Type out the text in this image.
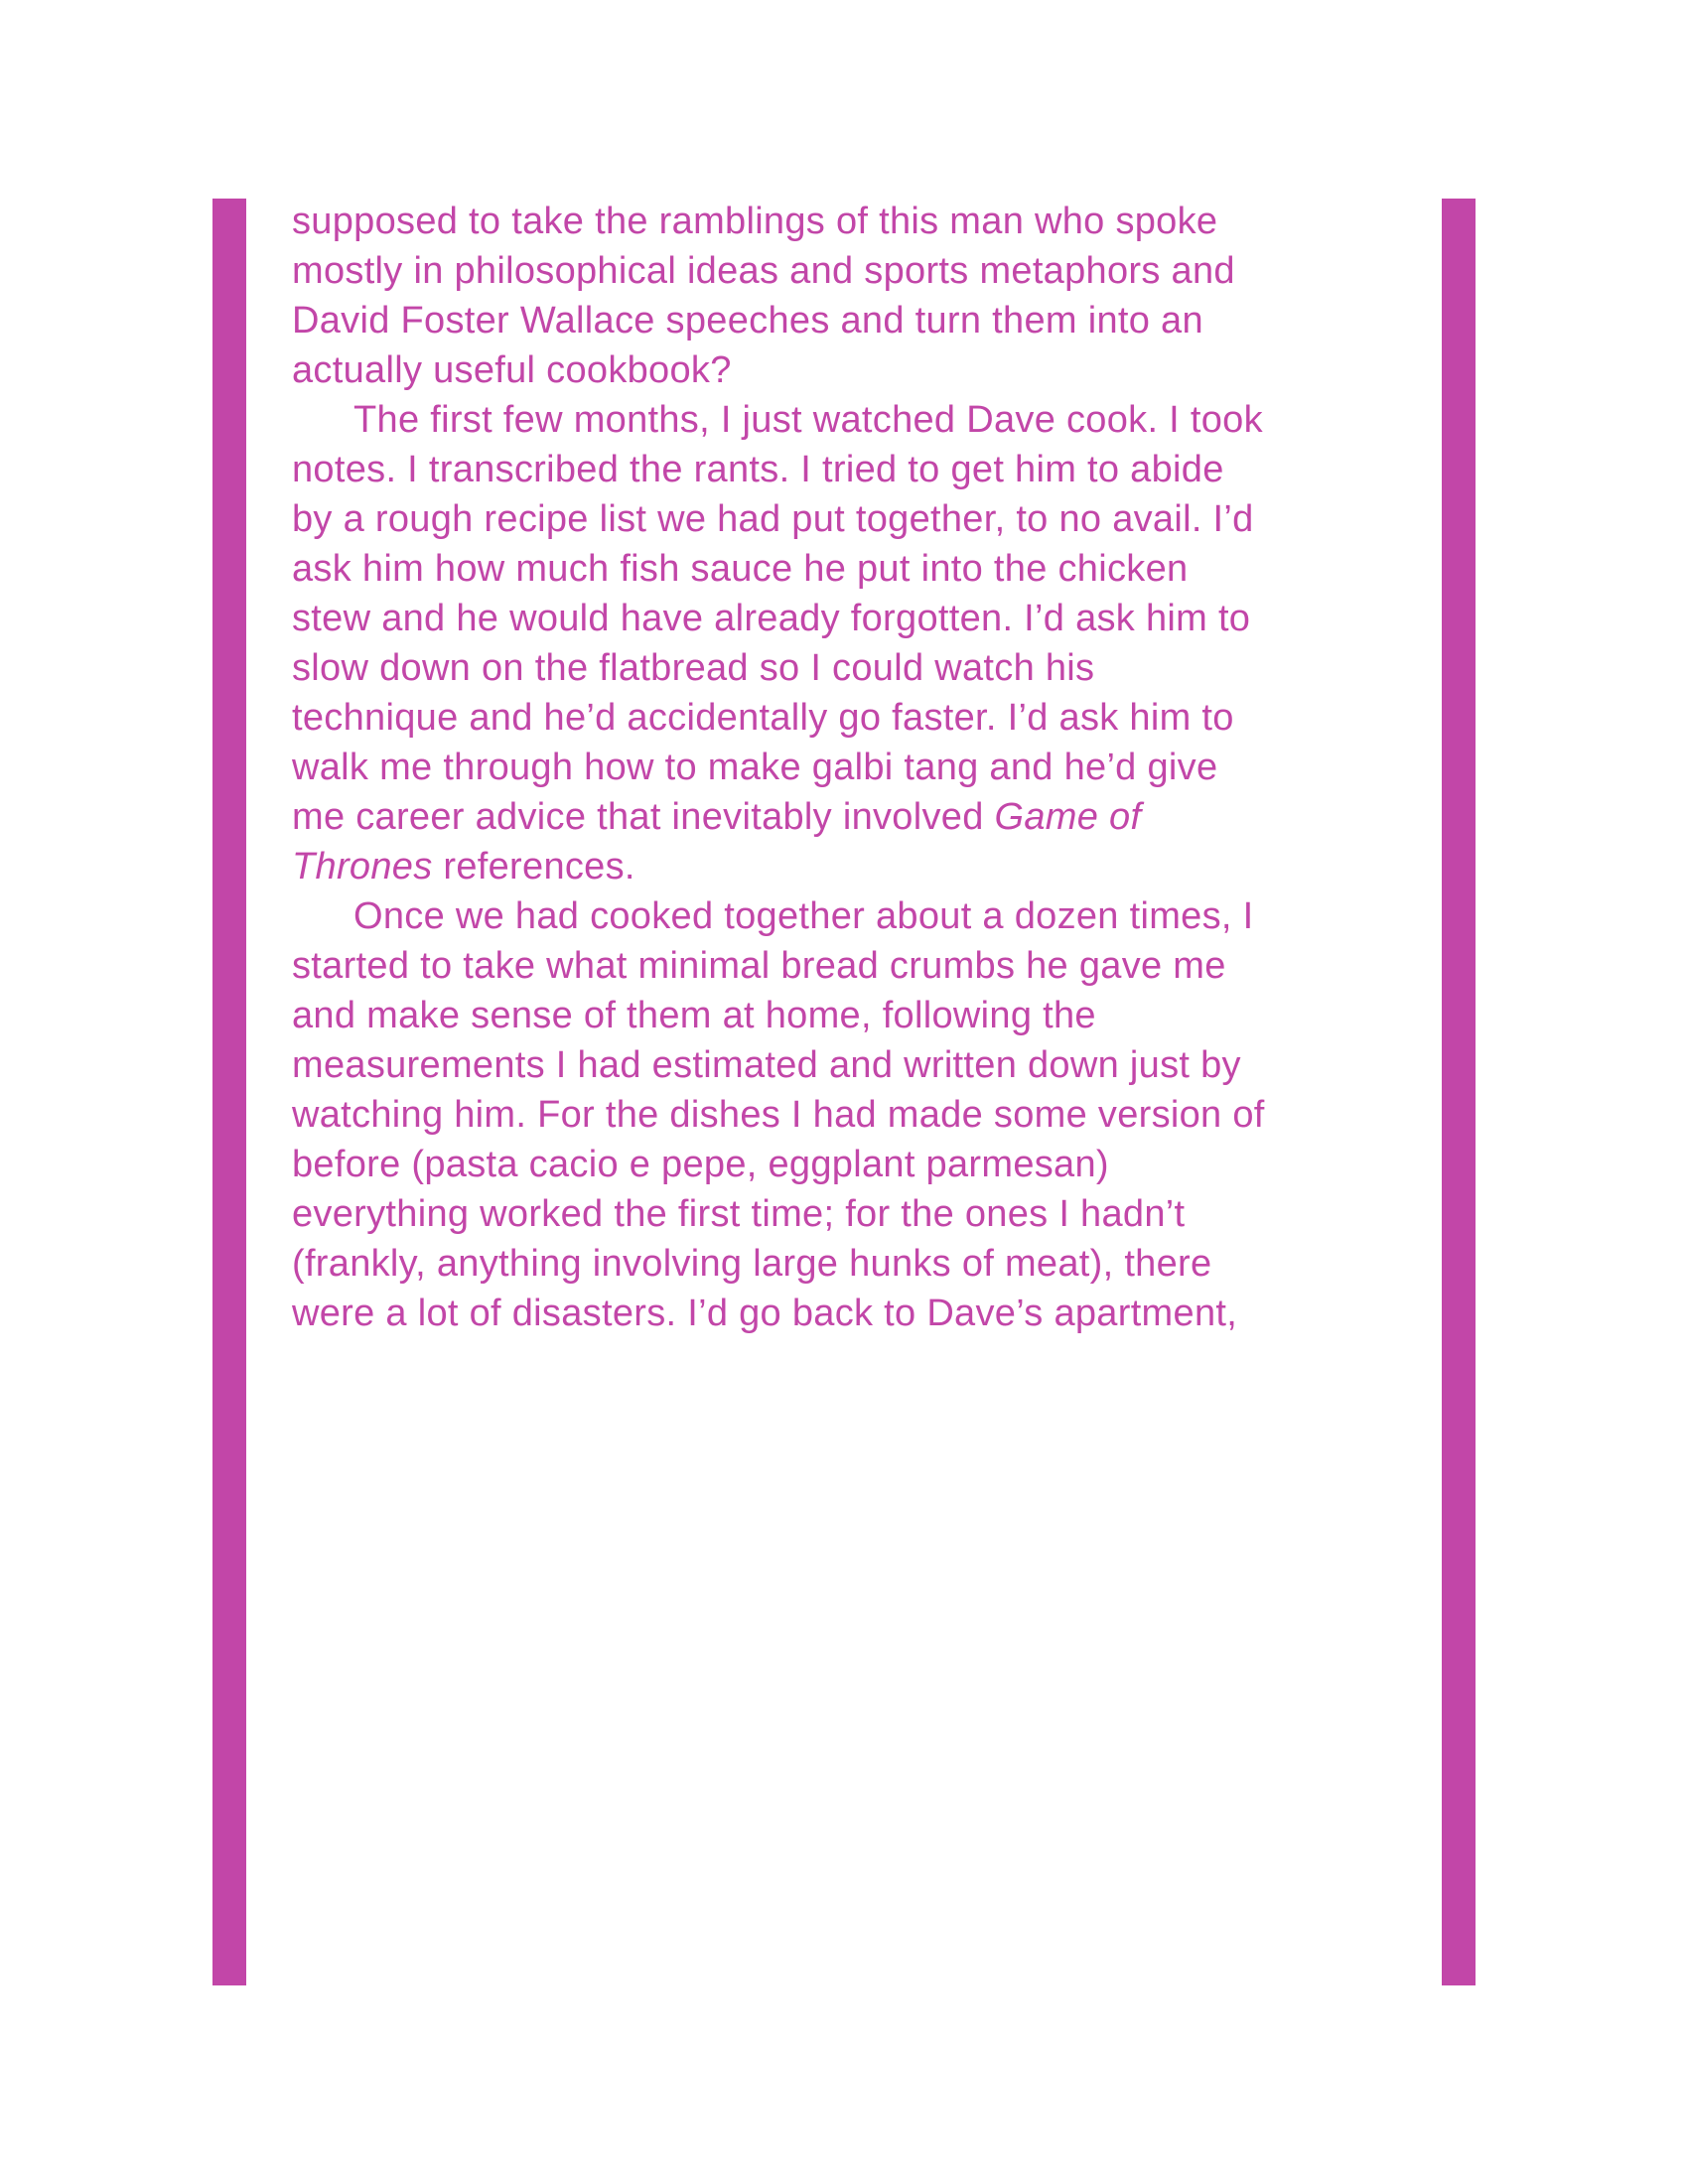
supposed to take the ramblings of this man who spoke
mostly in philosophical ideas and sports metaphors and
David Foster Wallace speeches and turn them into an
actually useful cookbook?
The first few months, I just watched Dave cook. I took
notes. I transcribed the rants. I tried to get him to abide
by a rough recipe list we had put together, to no avail. I’d
ask him how much fish sauce he put into the chicken
stew and he would have already forgotten. I’d ask him to
slow down on the flatbread so I could watch his
technique and he’d accidentally go faster. I’d ask him to
walk me through how to make galbi tang and he’d give
me career advice that inevitably involved Game of
Thrones references.
Once we had cooked together about a dozen times, I
started to take what minimal bread crumbs he gave me
and make sense of them at home, following the
measurements I had estimated and written down just by
watching him. For the dishes I had made some version of
before (pasta cacio e pepe, eggplant parmesan)
everything worked the first time; for the ones I hadn’t
(frankly, anything involving large hunks of meat), there
were a lot of disasters. I’d go back to Dave’s apartment,
